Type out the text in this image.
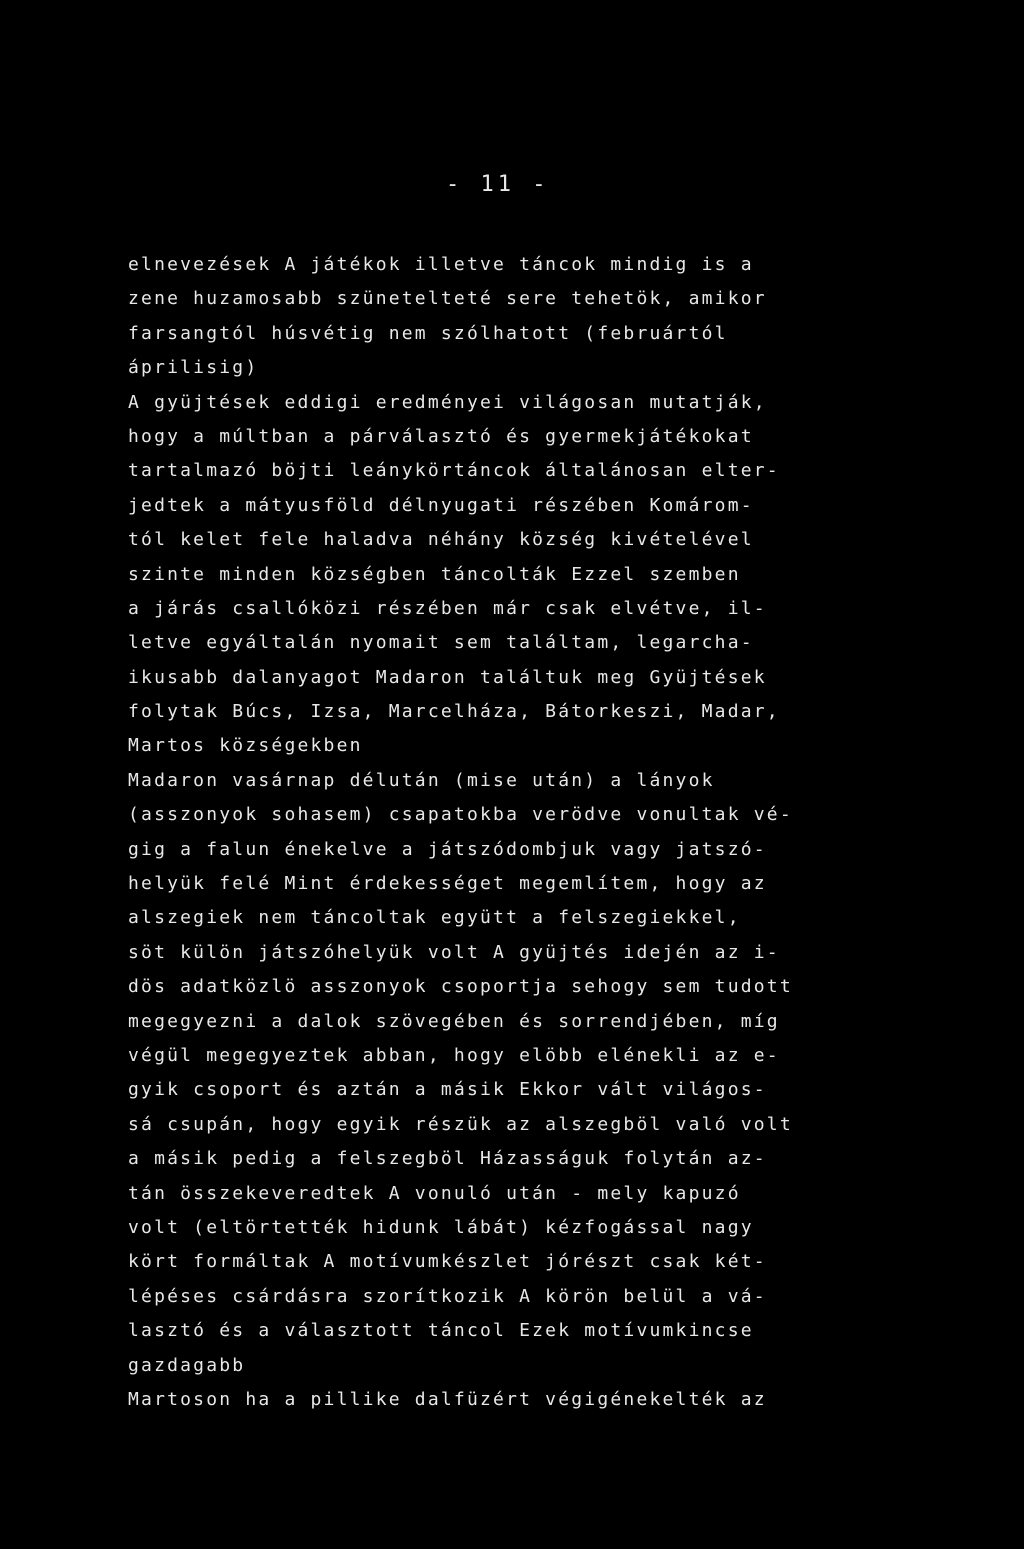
- 11 -
elnevezések A játékok illetve táncok mindig is a
zene huzamosabb szünetelteté sere tehetök, amikor
farsangtól húsvétig nem szólhatott (februártól
áprilisig)
A gyüjtések eddigi eredményei világosan mutatják,
hogy a múltban a párválasztó és gyermekjátékokat
tartalmazó böjti leánykörtáncok általánosan elter-
jedtek a mátyusföld délnyugati részében Komárom-
tól kelet fele haladva néhány község kivételével
szinte minden községben táncolták Ezzel szemben
a járás csallóközi részében már csak elvétve, il-
letve egyáltalán nyomait sem találtam, legarcha-
ikusabb dalanyagot Madaron találtuk meg Gyüjtések
folytak Búcs, Izsa, Marcelháza, Bátorkeszi, Madar,
Martos községekben
Madaron vasárnap délután (mise után) a lányok
(asszonyok sohasem) csapatokba verödve vonultak vé-
gig a falun énekelve a játszódombjuk vagy jatszó-
helyük felé Mint érdekességet megemlítem, hogy az
alszegiek nem táncoltak együtt a felszegiekkel,
söt külön játszóhelyük volt A gyüjtés idején az i-
dös adatközlö asszonyok csoportja sehogy sem tudott
megegyezni a dalok szövegében és sorrendjében, míg
végül megegyeztek abban, hogy elöbb elénekli az e-
gyik csoport és aztán a másik Ekkor vált világos-
sá csupán, hogy egyik részük az alszegböl való volt
a másik pedig a felszegböl Házasságuk folytán az-
tán összekeveredtek A vonuló után - mely kapuzó
volt (eltörtették hidunk lábát) kézfogással nagy
kört formáltak A motívumkészlet jórészt csak két-
lépéses csárdásra szorítkozik A körön belül a vá-
lasztó és a választott táncol Ezek motívumkincse
gazdagabb
Martoson ha a pillike dalfüzért végigénekelték az
